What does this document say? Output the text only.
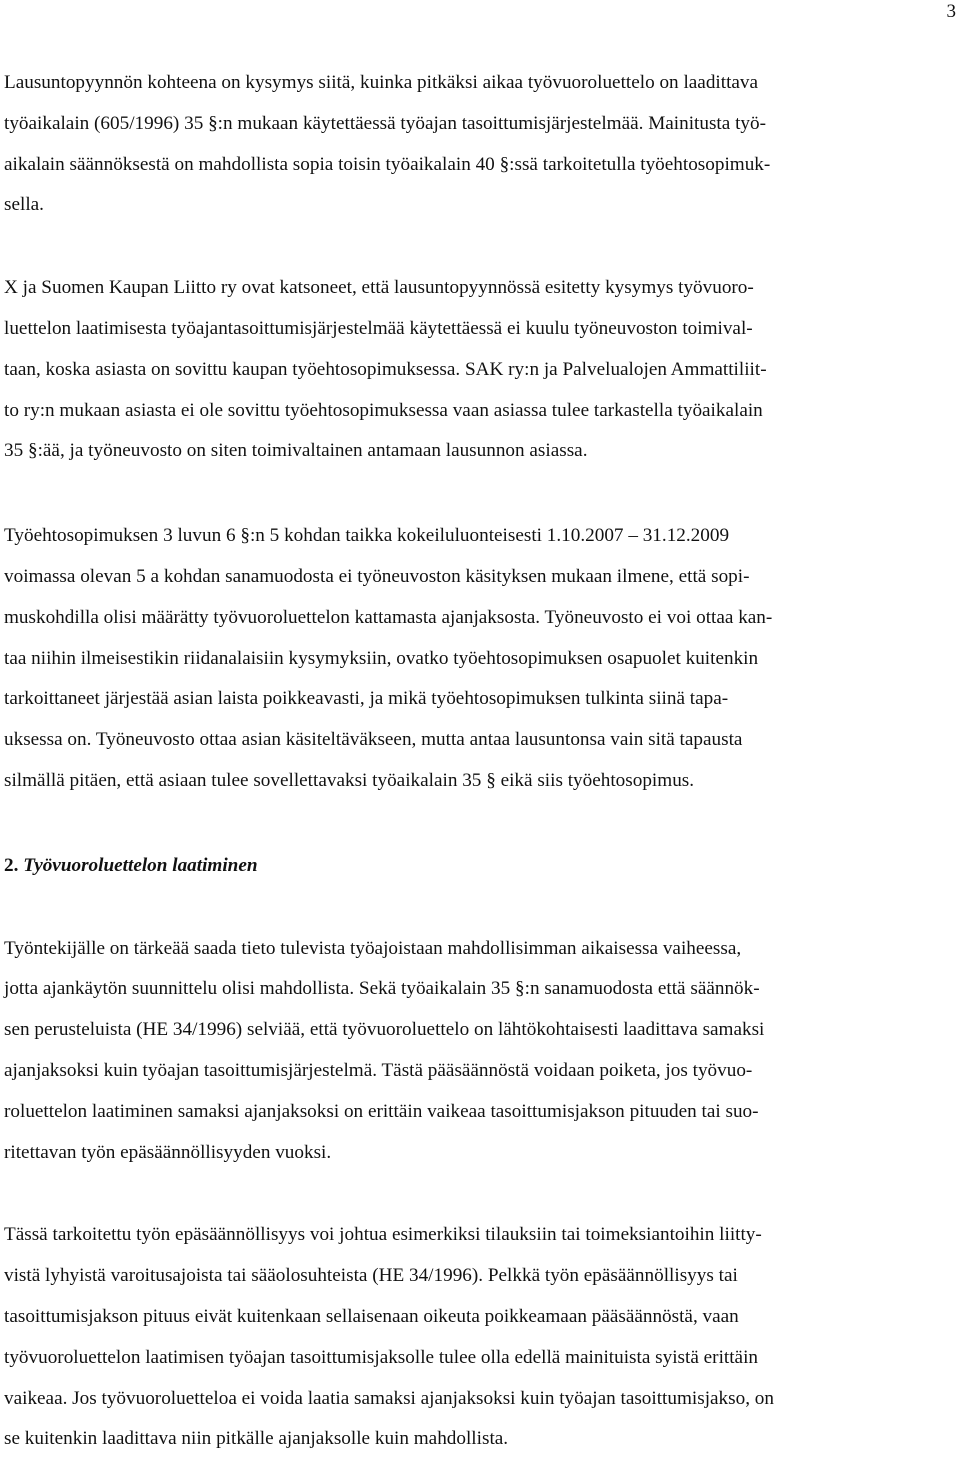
3

Lausuntopyynnön kohteena on kysymys siitä, kuinka pitkäksi aikaa työvuoroluettelo on laadittava
työaikalain (605/1996) 35 §:n mukaan käytettäessä työajan tasoittumisjärjestelmää. Mainitusta työ-
aikalain säännöksestä on mahdollista sopia toisin työaikalain 40 §:ssä tarkoitetulla työehtosopimuk-
sella.

X ja Suomen Kaupan Liitto ry ovat katsoneet, että lausuntopyynnössä esitetty kysymys työvuoro-
luettelon laatimisesta työajantasoittumisjärjestelmää käytettäessä ei kuulu työneuvoston toimival-
taan, koska asiasta on sovittu kaupan työehtosopimuksessa. SAK ry:n ja Palvelualojen Ammattiliit-
to ry:n mukaan asiasta ei ole sovittu työehtosopimuksessa vaan asiassa tulee tarkastella työaikalain
35 §:ää, ja työneuvosto on siten toimivaltainen antamaan lausunnon asiassa.

Työehtosopimuksen 3 luvun 6 §:n 5 kohdan taikka kokeiluluonteisesti 1.10.2007 – 31.12.2009
voimassa olevan 5 a kohdan sanamuodosta ei työneuvoston käsityksen mukaan ilmene, että sopi-
muskohdilla olisi määrätty työvuoroluettelon kattamasta ajanjaksosta. Työneuvosto ei voi ottaa kan-
taa niihin ilmeisestikin riidanalaisiin kysymyksiin, ovatko työehtosopimuksen osapuolet kuitenkin
tarkoittaneet järjestää asian laista poikkeavasti, ja mikä työehtosopimuksen tulkinta siinä tapa-
uksessa on. Työneuvosto ottaa asian käsiteltäväkseen, mutta antaa lausuntonsa vain sitä tapausta
silmällä pitäen, että asiaan tulee sovellettavaksi työaikalain 35 § eikä siis työehtosopimus.

2. Työvuoroluettelon laatiminen

Työntekijälle on tärkeää saada tieto tulevista työajoistaan mahdollisimman aikaisessa vaiheessa,
jotta ajankäytön suunnittelu olisi mahdollista. Sekä työaikalain 35 §:n sanamuodosta että säännök-
sen perusteluista (HE 34/1996) selviää, että työvuoroluettelo on lähtökohtaisesti laadittava samaksi
ajanjaksoksi kuin työajan tasoittumisjärjestelmä. Tästä pääsäännöstä voidaan poiketa, jos työvuo-
roluettelon laatiminen samaksi ajanjaksoksi on erittäin vaikeaa tasoittumisjakson pituuden tai suo-
ritettavan työn epäsäännöllisyyden vuoksi.

Tässä tarkoitettu työn epäsäännöllisyys voi johtua esimerkiksi tilauksiin tai toimeksiantoihin liitty-
vistä lyhyistä varoitusajoista tai sääolosuhteista (HE 34/1996). Pelkkä työn epäsäännöllisyys tai
tasoittumisjakson pituus eivät kuitenkaan sellaisenaan oikeuta poikkeamaan pääsäännöstä, vaan
työvuoroluettelon laatimisen työajan tasoittumisjaksolle tulee olla edellä mainituista syistä erittäin
vaikeaa. Jos työvuoroluetteloa ei voida laatia samaksi ajanjaksoksi kuin työajan tasoittumisjakso, on
se kuitenkin laadittava niin pitkälle ajanjaksolle kuin mahdollista.
